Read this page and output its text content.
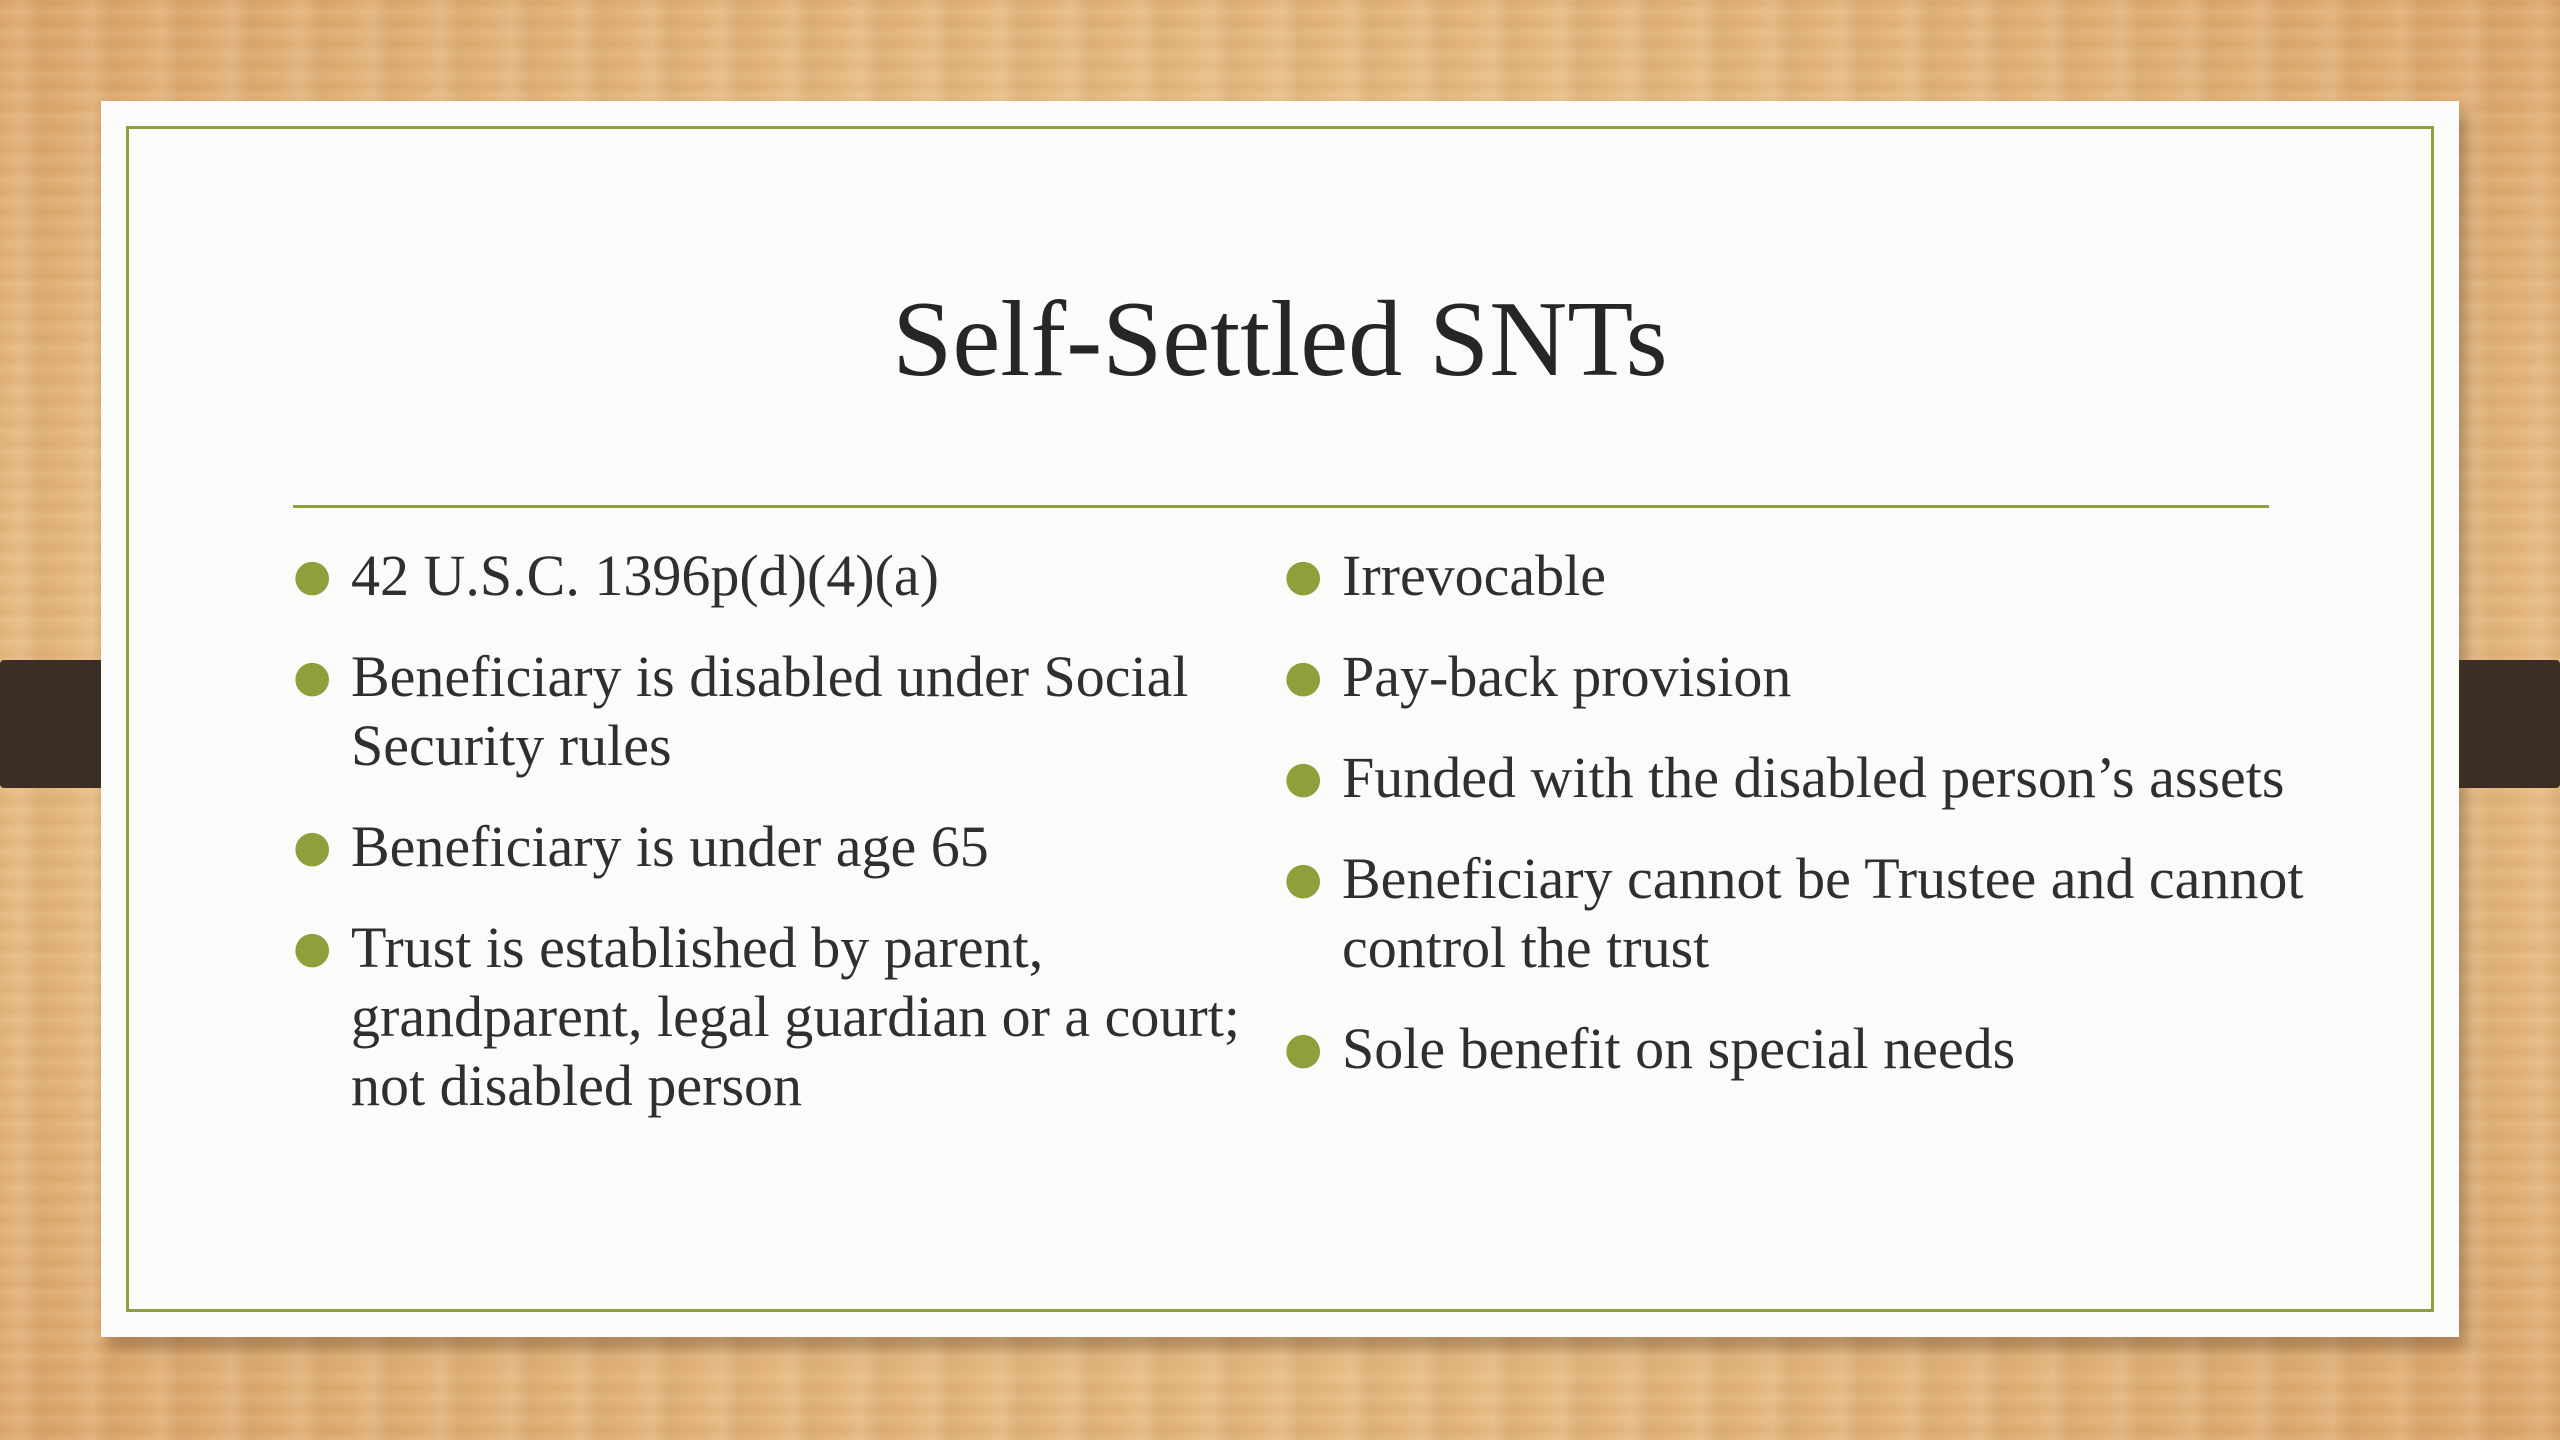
Self-Settled SNTs
● 42 U.S.C. 1396p(d)(4)(a)
● Beneficiary is disabled under Social Security rules
● Beneficiary is under age 65
● Trust is established by parent, grandparent, legal guardian or a court; not disabled person
● Irrevocable
● Pay-back provision
● Funded with the disabled person’s assets
● Beneficiary cannot be Trustee and cannot control the trust
● Sole benefit on special needs
